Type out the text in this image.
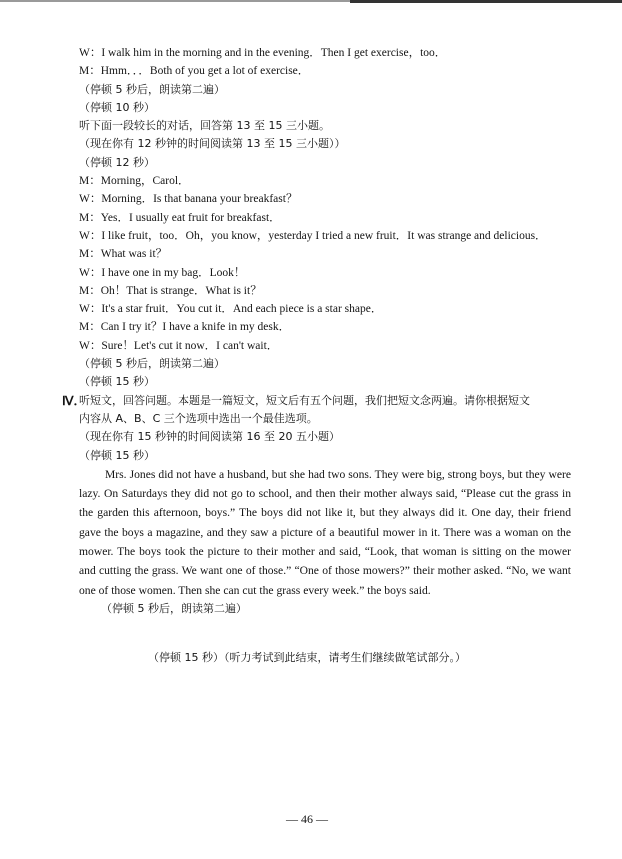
W：I walk him in the morning and in the evening．Then I get exercise，too．
M：Hmm．．．Both of you get a lot of exercise．
（停顿 5 秒后，朗读第二遍）
（停顿 10 秒）
听下面一段较长的对话，回答第 13 至 15 三小题。
（现在你有 12 秒钟的时间阅读第 13 至 15 三小题））
（停顿 12 秒）
M：Morning，Carol．
W：Morning．Is that banana your breakfast？
M：Yes．I usually eat fruit for breakfast．
W：I like fruit，too．Oh，you know，yesterday I tried a new fruit．It was strange and delicious．
M：What was it？
W：I have one in my bag．Look！
M：Oh！That is strange．What is it？
W：It's a star fruit．You cut it．And each piece is a star shape．
M：Can I try it？I have a knife in my desk．
W：Sure！Let's cut it now．I can't wait．
（停顿 5 秒后，朗读第二遍）
（停顿 15 秒）
Ⅳ．
听短文，回答问题。本题是一篇短文，短文后有五个问题，我们把短文念两遍。请你根据短文
内容从 A、B、C 三个选项中选出一个最佳选项。
（现在你有 15 秒钟的时间阅读第 16 至 20 五小题）
（停顿 15 秒）

Mrs. Jones did not have a husband, but she had two sons. They were big, strong boys, but they were lazy. On Saturdays they did not go to school, and then their mother always said, “Please cut the grass in the garden this afternoon, boys.” The boys did not like it, but they always did it. One day, their friend gave the boys a magazine, and they saw a picture of a beautiful mower in it. There was a woman on the mower. The boys took the picture to their mother and said, “Look, that woman is sitting on the mower and cutting the grass. We want one of those.” “One of those mowers?” their mother asked. “No, we want one of those women. Then she can cut the grass every week.” the boys said.

（停顿 5 秒后，朗读第二遍）
（停顿 15 秒）（听力考试到此结束，请考生们继续做笔试部分。）
— 46 —
